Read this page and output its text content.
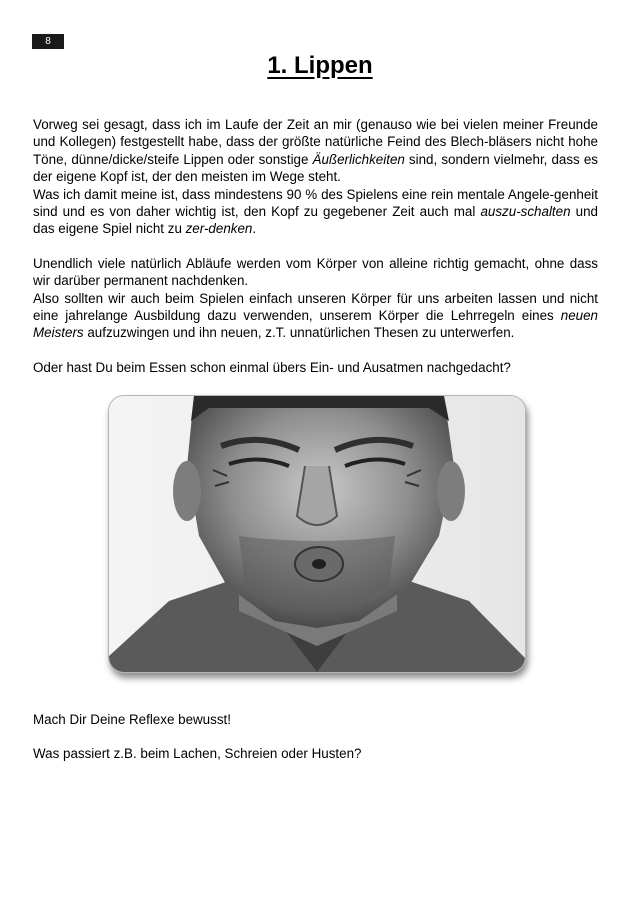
8
1. Lippen

Vorweg sei gesagt, dass ich im Laufe der Zeit an mir (genauso wie bei vielen meiner Freunde und Kollegen) festgestellt habe, dass der größte natürliche Feind des Blech-bläsers nicht hohe Töne, dünne/dicke/steife Lippen oder sonstige Äußerlichkeiten sind, sondern vielmehr, dass es der eigene Kopf ist, der den meisten im Wege steht.

Was ich damit meine ist, dass mindestens 90 % des Spielens eine rein mentale Angele-genheit sind und es von daher wichtig ist, den Kopf zu gegebener Zeit auch mal auszu-schalten und das eigene Spiel nicht zu zer-denken.

Unendlich viele natürlich Abläufe werden vom Körper von alleine richtig gemacht, ohne dass wir darüber permanent nachdenken.

Also sollten wir auch beim Spielen einfach unseren Körper für uns arbeiten lassen und nicht eine jahrelange Ausbildung dazu verwenden, unserem Körper die Lehrregeln eines neuen Meisters aufzuzwingen und ihn neuen, z.T. unnatürlichen Thesen zu unterwerfen.

Oder hast Du beim Essen schon einmal übers Ein- und Ausatmen nachgedacht?

Mach Dir Deine Reflexe bewusst!

Was passiert z.B. beim Lachen, Schreien oder Husten?
